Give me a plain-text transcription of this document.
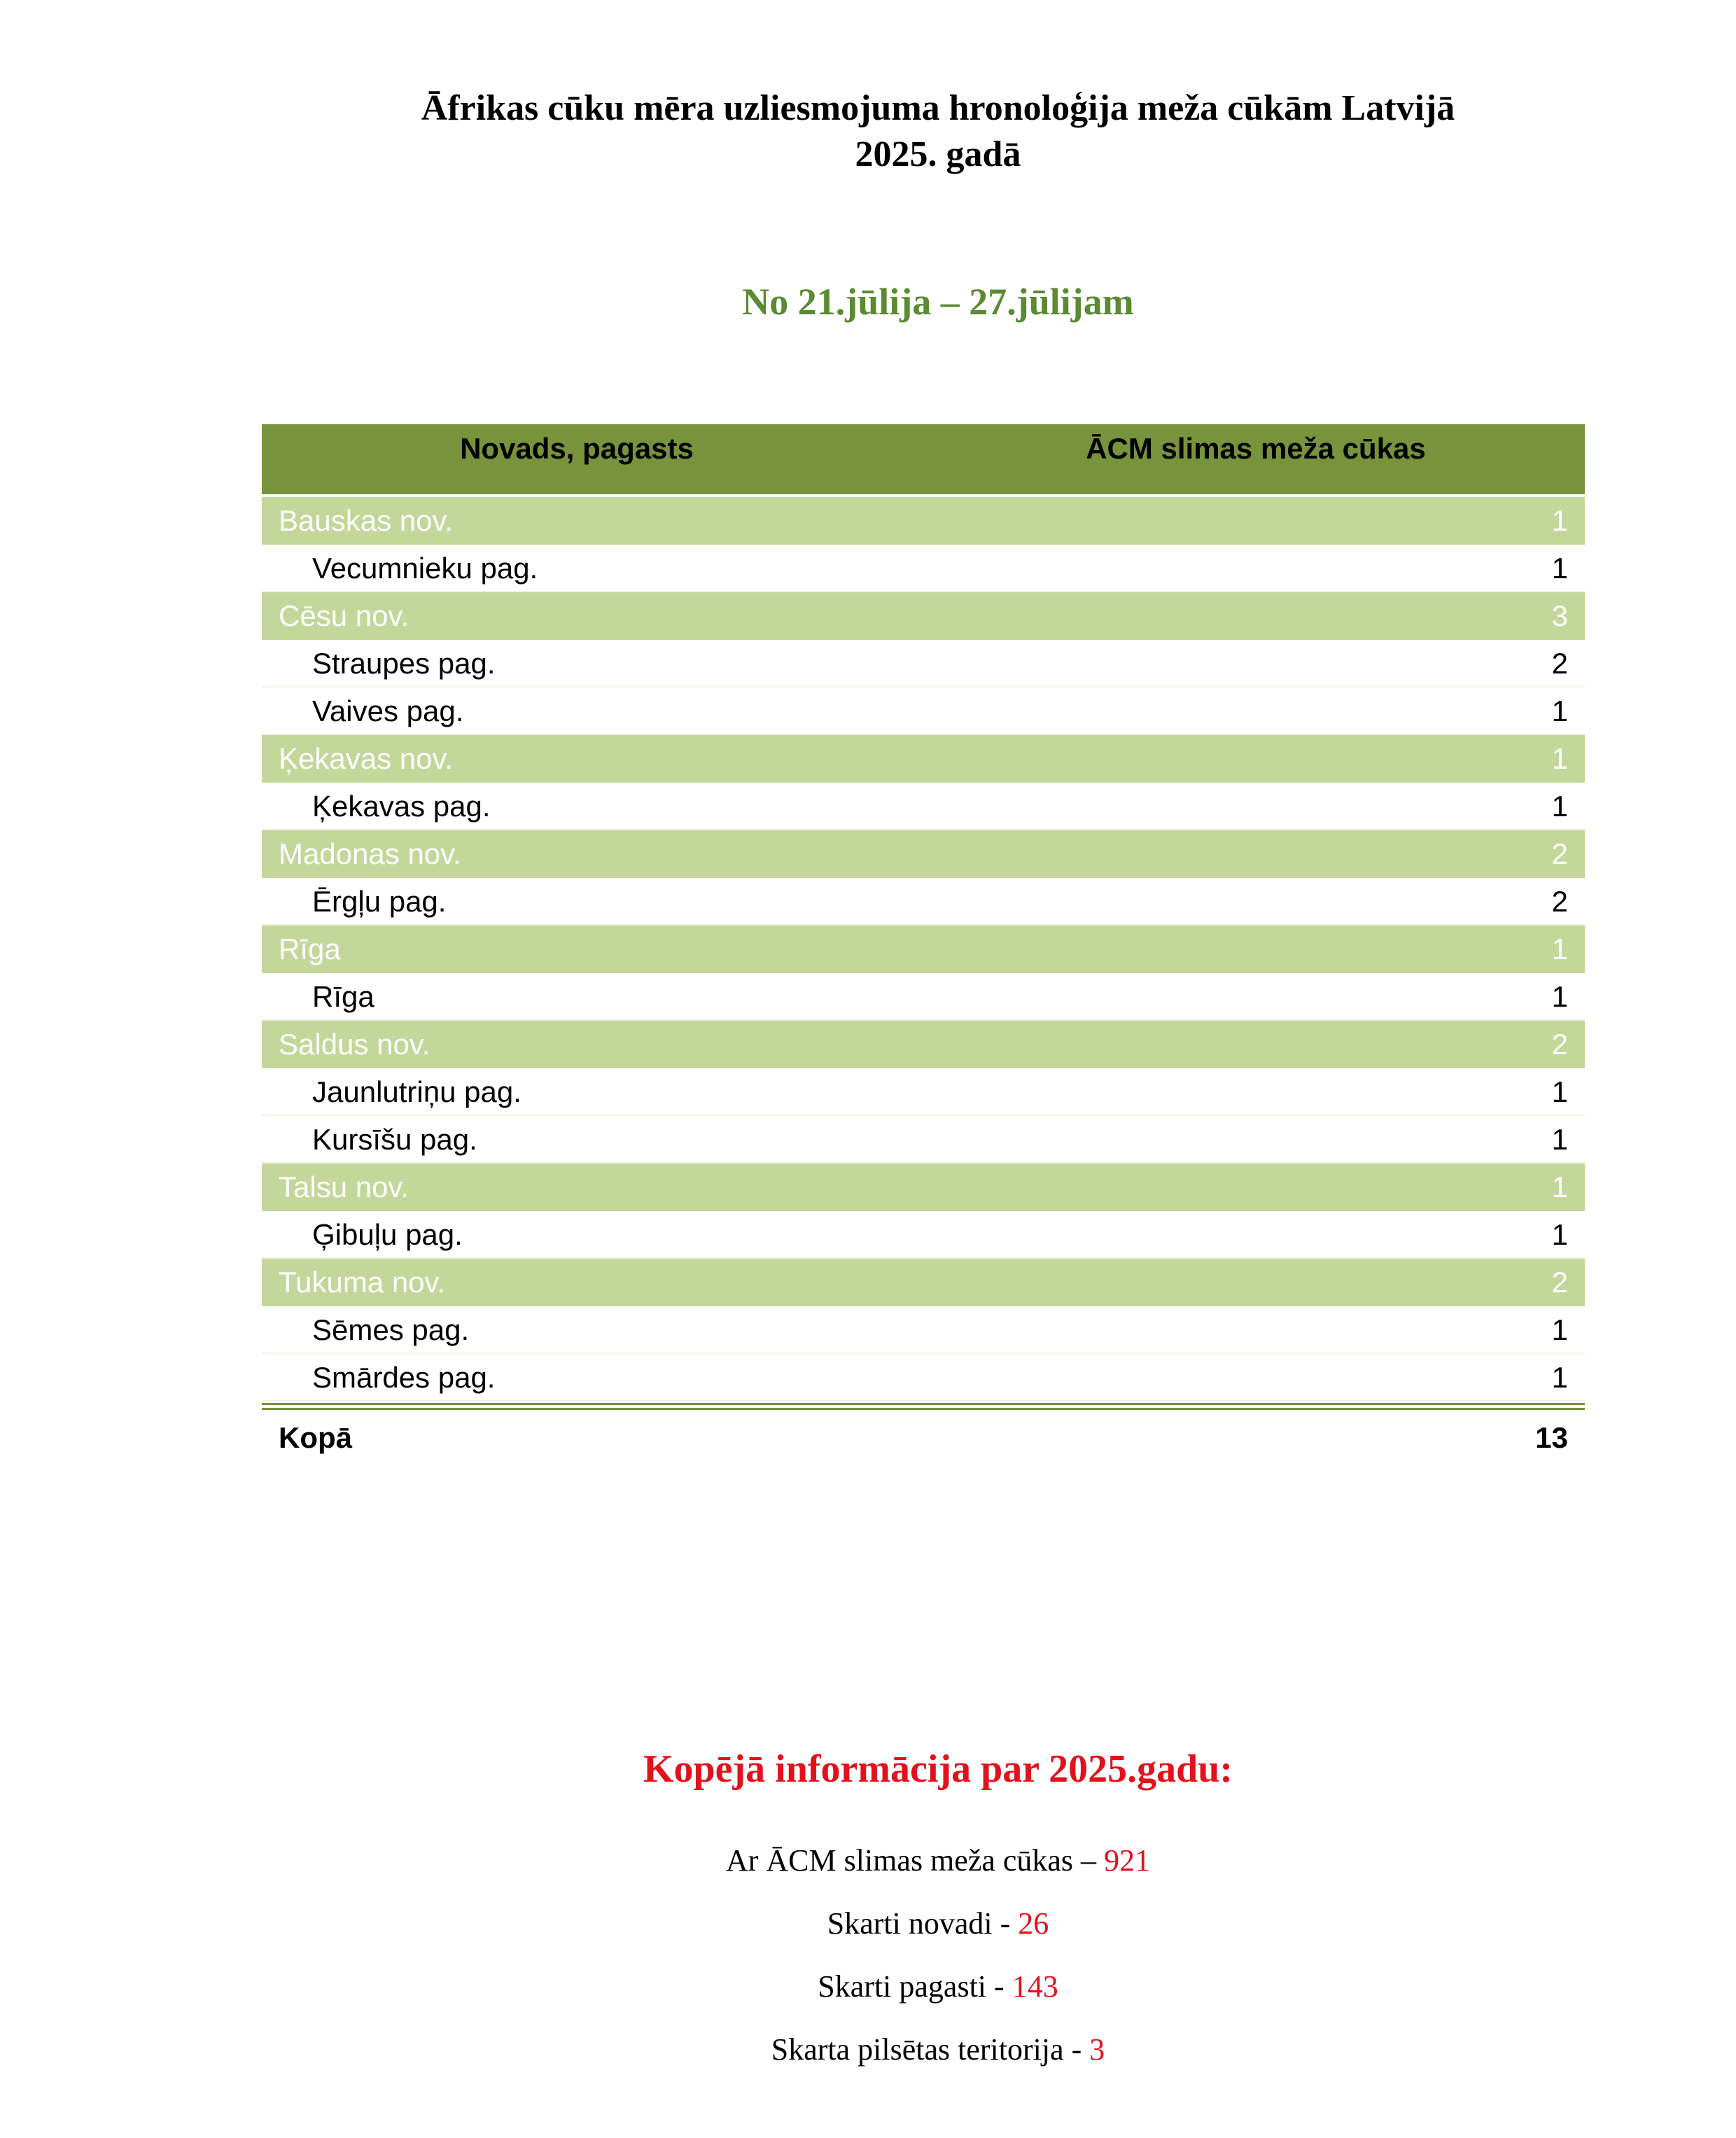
Āfrikas cūku mēra uzliesmojuma hronoloģija meža cūkām Latvijā
2025. gadā
No 21.jūlija – 27.jūlijam
Novads, pagasts	ĀCM slimas meža cūkas
Bauskas nov.	1
Vecumnieku pag.	1
Cēsu nov.	3
Straupes pag.	2
Vaives pag.	1
Ķekavas nov.	1
Ķekavas pag.	1
Madonas nov.	2
Ērgļu pag.	2
Rīga	1
Rīga	1
Saldus nov.	2
Jaunlutriņu pag.	1
Kursīšu pag.	1
Talsu nov.	1
Ģibuļu pag.	1
Tukuma nov.	2
Sēmes pag.	1
Smārdes pag.	1
Kopā	13
Kopējā informācija par 2025.gadu:
Ar ĀCM slimas meža cūkas – 921
Skarti novadi - 26
Skarti pagasti - 143
Skarta pilsētas teritorija - 3
